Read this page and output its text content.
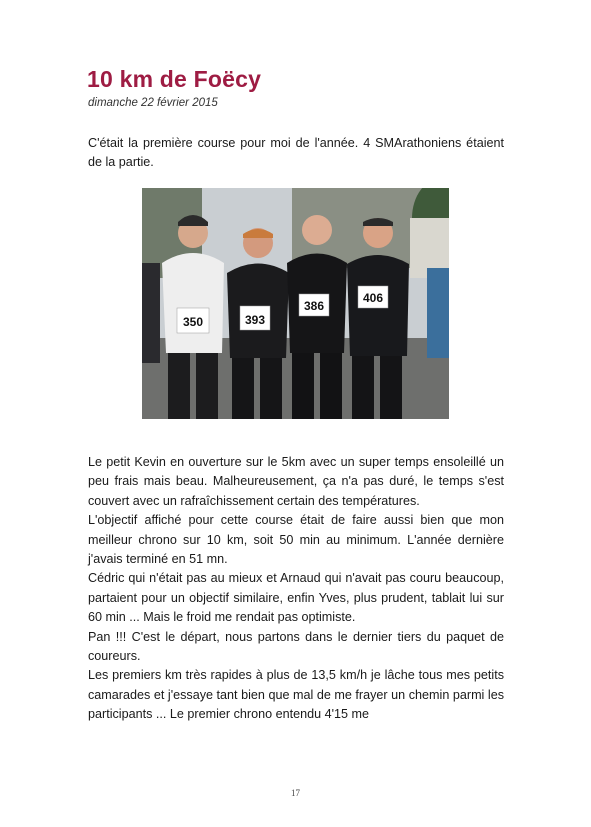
10 km de Foëcy
dimanche 22 février 2015
C'était la première course pour moi de l'année. 4 SMArathoniens étaient de la partie.
350	393
386
406

Le petit Kevin en ouverture sur le 5km avec un super temps ensoleillé un peu frais mais beau. Malheureusement, ça n'a pas duré, le temps s'est couvert avec un rafraîchissement certain des températures.

L'objectif affiché pour cette course était de faire aussi bien que mon meilleur chrono sur 10 km, soit 50 min au minimum. L'année dernière j'avais terminé en 51 mn.

Cédric qui n'était pas au mieux et Arnaud qui n'avait pas couru beaucoup, partaient pour un objectif similaire, enfin Yves, plus prudent, tablait lui sur 60 min ... Mais le froid me rendait pas optimiste.

Pan !!! C'est le départ, nous partons dans le dernier tiers du paquet de coureurs.

Les premiers km très rapides à plus de 13,5 km/h je lâche tous mes petits camarades et j'essaye tant bien que mal de me frayer un chemin parmi les participants ... Le premier chrono entendu 4'15 me

17
